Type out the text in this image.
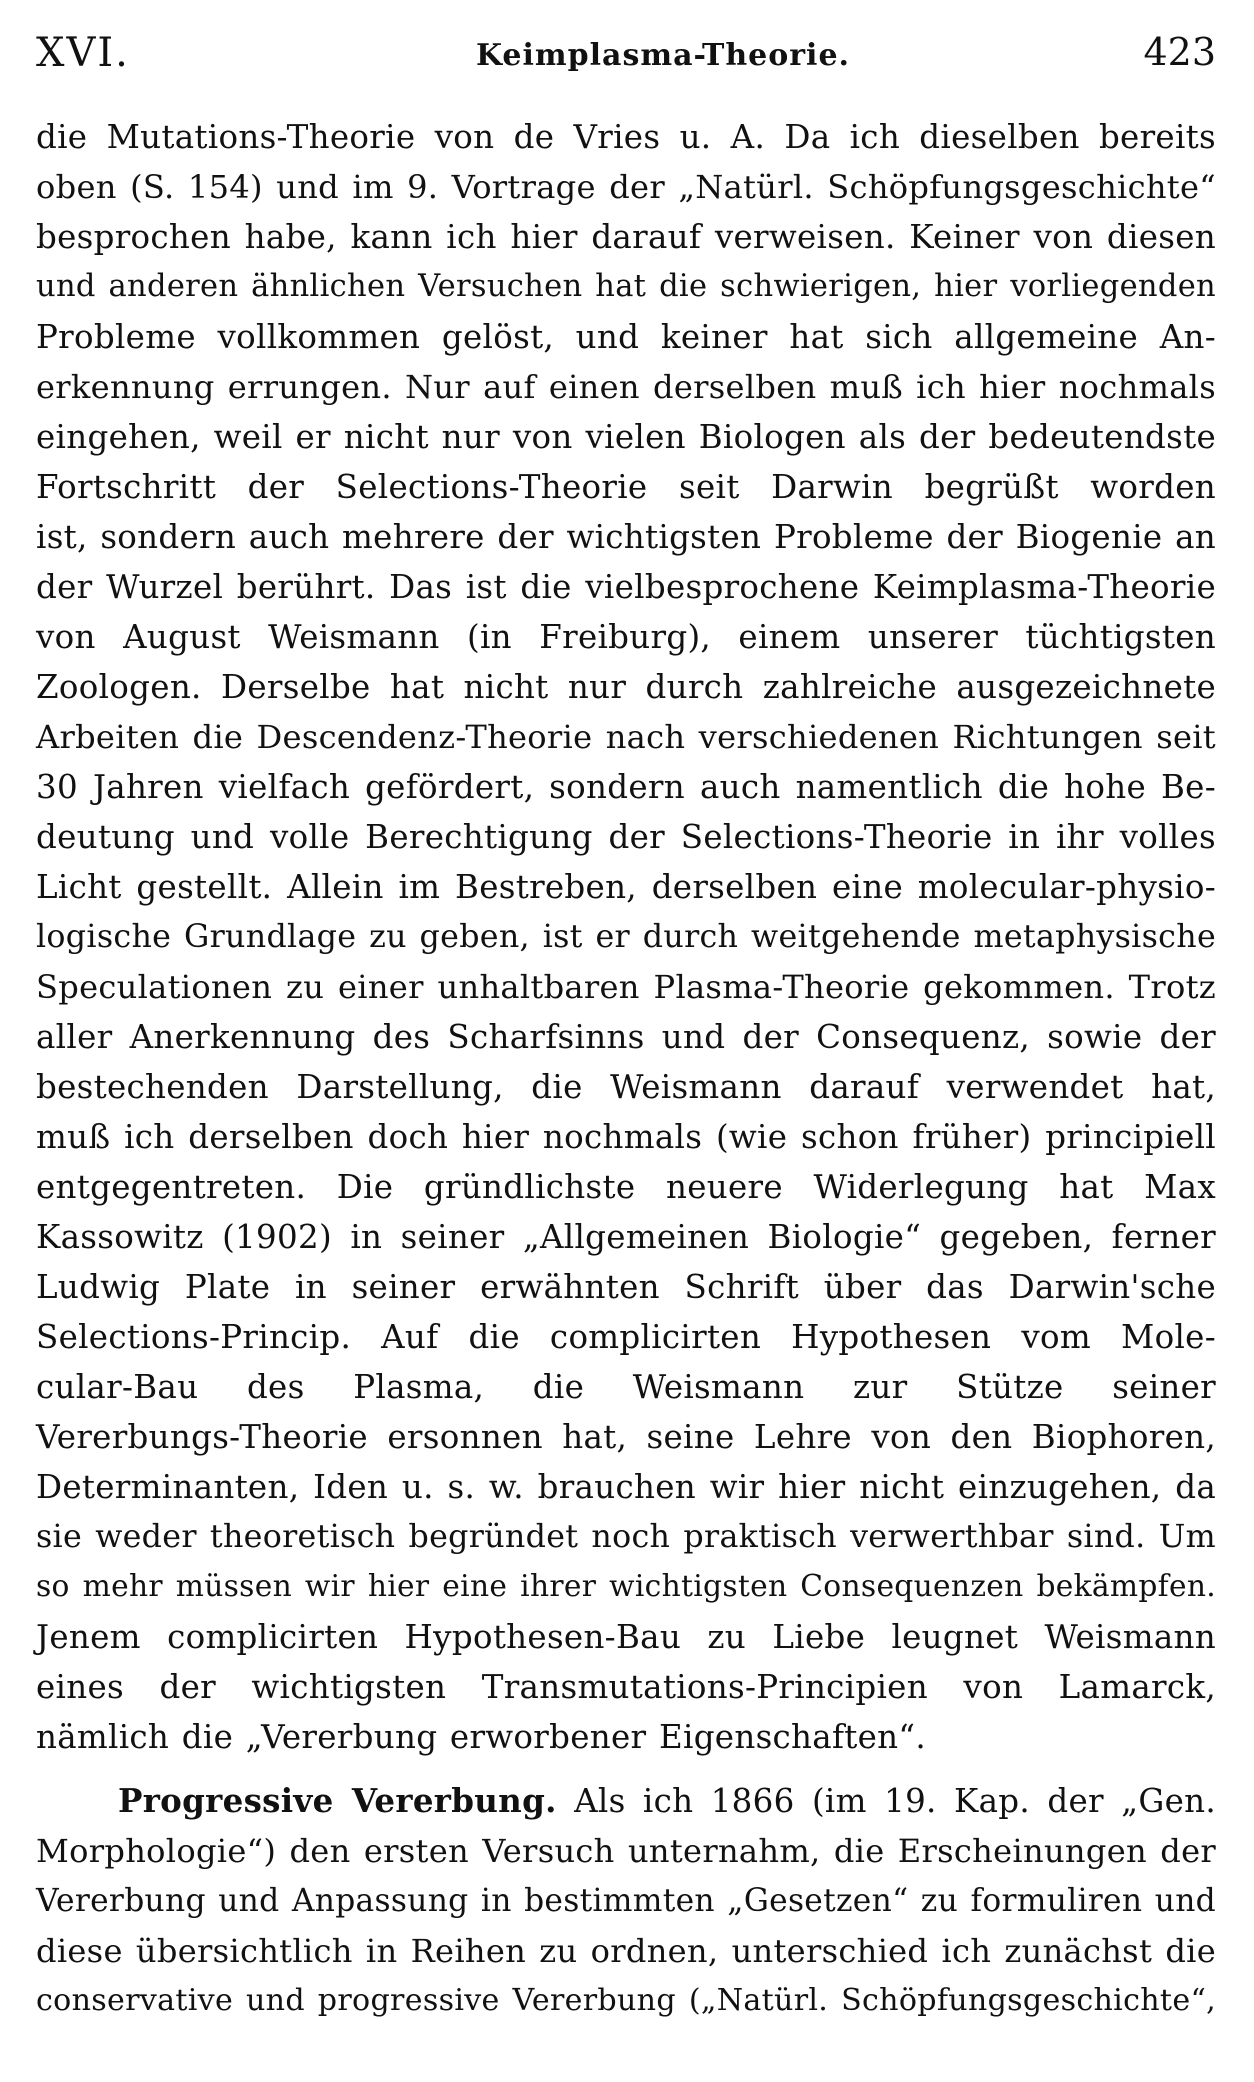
XVI.	Keimplasma-Theorie.	423
die Mutations-Theorie von de Vries u. A. Da ich dieselben bereits
oben (S. 154) und im 9. Vortrage der „Natürl. Schöpfungsgeschichte“
besprochen habe, kann ich hier darauf verweisen. Keiner von diesen
und anderen ähnlichen Versuchen hat die schwierigen, hier vorliegenden
Probleme vollkommen gelöst, und keiner hat sich allgemeine An-
erkennung errungen. Nur auf einen derselben muß ich hier nochmals
eingehen, weil er nicht nur von vielen Biologen als der bedeutendste
Fortschritt der Selections-Theorie seit Darwin begrüßt worden
ist, sondern auch mehrere der wichtigsten Probleme der Biogenie an
der Wurzel berührt. Das ist die vielbesprochene Keimplasma-Theorie
von August Weismann (in Freiburg), einem unserer tüchtigsten
Zoologen. Derselbe hat nicht nur durch zahlreiche ausgezeichnete
Arbeiten die Descendenz-Theorie nach verschiedenen Richtungen seit
30 Jahren vielfach gefördert, sondern auch namentlich die hohe Be-
deutung und volle Berechtigung der Selections-Theorie in ihr volles
Licht gestellt. Allein im Bestreben, derselben eine molecular-physio-
logische Grundlage zu geben, ist er durch weitgehende metaphysische
Speculationen zu einer unhaltbaren Plasma-Theorie gekommen. Trotz
aller Anerkennung des Scharfsinns und der Consequenz, sowie der
bestechenden Darstellung, die Weismann darauf verwendet hat,
muß ich derselben doch hier nochmals (wie schon früher) principiell
entgegentreten. Die gründlichste neuere Widerlegung hat Max
Kassowitz (1902) in seiner „Allgemeinen Biologie“ gegeben, ferner
Ludwig Plate in seiner erwähnten Schrift über das Darwin'sche
Selections-Princip. Auf die complicirten Hypothesen vom Mole-
cular-Bau des Plasma, die Weismann zur Stütze seiner
Vererbungs-Theorie ersonnen hat, seine Lehre von den Biophoren,
Determinanten, Iden u. s. w. brauchen wir hier nicht einzugehen, da
sie weder theoretisch begründet noch praktisch verwerthbar sind. Um
so mehr müssen wir hier eine ihrer wichtigsten Consequenzen bekämpfen.
Jenem complicirten Hypothesen-Bau zu Liebe leugnet Weismann
eines der wichtigsten Transmutations-Principien von Lamarck,
nämlich die „Vererbung erworbener Eigenschaften“.
Progressive Vererbung. Als ich 1866 (im 19. Kap. der „Gen.
Morphologie“) den ersten Versuch unternahm, die Erscheinungen der
Vererbung und Anpassung in bestimmten „Gesetzen“ zu formuliren und
diese übersichtlich in Reihen zu ordnen, unterschied ich zunächst die
conservative und progressive Vererbung („Natürl. Schöpfungsgeschichte“,
